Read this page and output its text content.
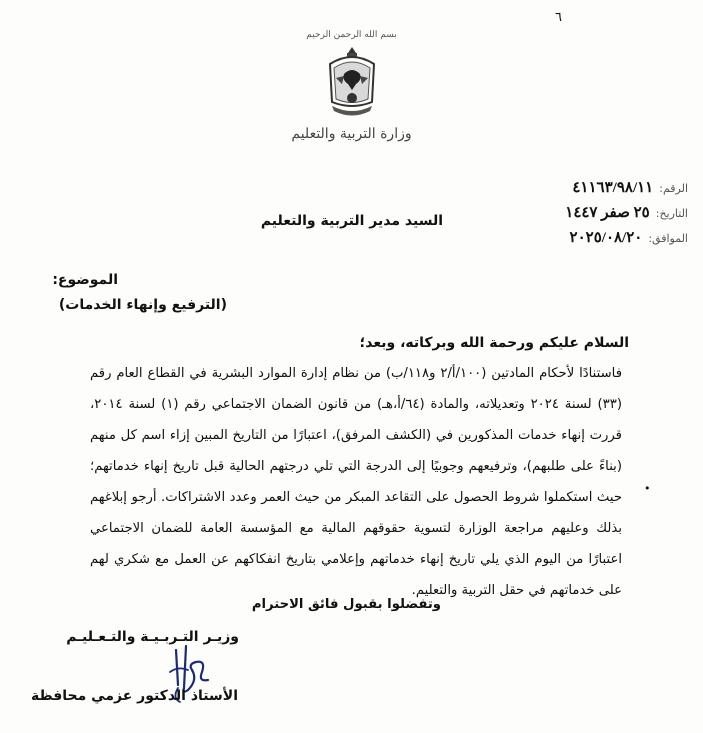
٦
بسم الله الرحمن الرحيم
وزارة التربية والتعليم
الرقم:٤١١٦٣/٩٨/١١
التاريخ:٢٥ صفر ١٤٤٧
الموافق:٢٠٢٥/٠٨/٢٠
السيد مدير التربية والتعليم
الموضوع:
(الترفيع وإنهاء الخدمات)
السلام عليكم ورحمة الله وبركاته، وبعد؛
فاستنادًا لأحكام المادتين (١٠٠/أ/٢ و١١٨/ب) من نظام إدارة الموارد البشرية في القطاع العام رقم (٣٣) لسنة ٢٠٢٤ وتعديلاته، والمادة (٦٤/أ،هـ) من قانون الضمان الاجتماعي رقم (١) لسنة ٢٠١٤، قررت إنهاء خدمات المذكورين في (الكشف المرفق)، اعتبارًا من التاريخ المبين إزاء اسم كل منهم (بناءً على طلبهم)، وترفيعهم وجوبيًا إلى الدرجة التي تلي درجتهم الحالية قبل تاريخ إنهاء خدماتهم؛ حيث استكملوا شروط الحصول على التقاعد المبكر من حيث العمر وعدد الاشتراكات. أرجو إبلاغهم بذلك وعليهم مراجعة الوزارة لتسوية حقوقهم المالية مع المؤسسة العامة للضمان الاجتماعي اعتبارًا من اليوم الذي يلي تاريخ إنهاء خدماتهم وإعلامي بتاريخ انفكاكهم عن العمل مع شكري لهم على خدماتهم في حقل التربية والتعليم.
•
وتفضلوا بقبول فائق الاحترام
وزيـر التـربـيـة والتـعـليـم
الأستاذ الدكتور عزمي محافظة
